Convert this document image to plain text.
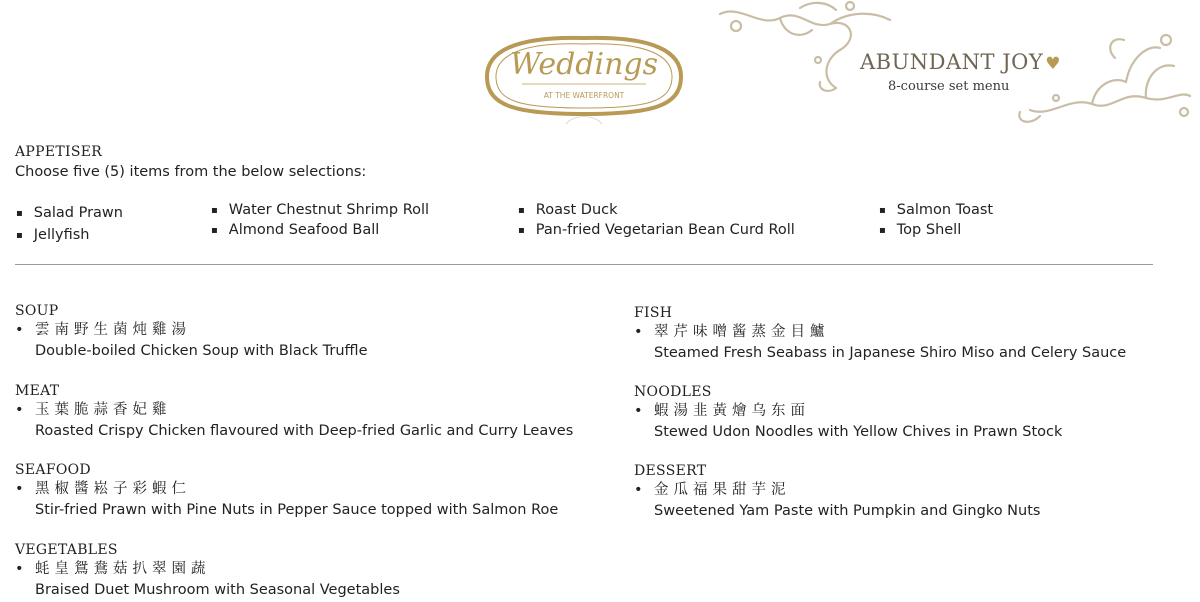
Weddings
AT THE WATERFRONT
ABUNDANT JOY ♥
8-course set menu
APPETISER
Choose five (5) items from the below selections:
▪ Salad Prawn
▪ Jellyfish
▪ Water Chestnut Shrimp Roll
▪ Almond Seafood Ball
▪ Roast Duck
▪ Pan-fried Vegetarian Bean Curd Roll
▪ Salmon Toast
▪ Top Shell
SOUP
• 雲南野生菌炖雞湯
Double-boiled Chicken Soup with Black Truffle
MEAT
• 玉葉脆蒜香妃雞
Roasted Crispy Chicken flavoured with Deep-fried Garlic and Curry Leaves
SEAFOOD
• 黑椒醬崧子彩蝦仁
Stir-fried Prawn with Pine Nuts in Pepper Sauce topped with Salmon Roe
VEGETABLES
• 蚝皇鴛鴦菇扒翠園蔬
Braised Duet Mushroom with Seasonal Vegetables
FISH
• 翠芹味噌酱蒸金目鱸
Steamed Fresh Seabass in Japanese Shiro Miso and Celery Sauce
NOODLES
• 蝦湯韭黃燴乌东面
Stewed Udon Noodles with Yellow Chives in Prawn Stock
DESSERT
• 金瓜福果甜芋泥
Sweetened Yam Paste with Pumpkin and Gingko Nuts
